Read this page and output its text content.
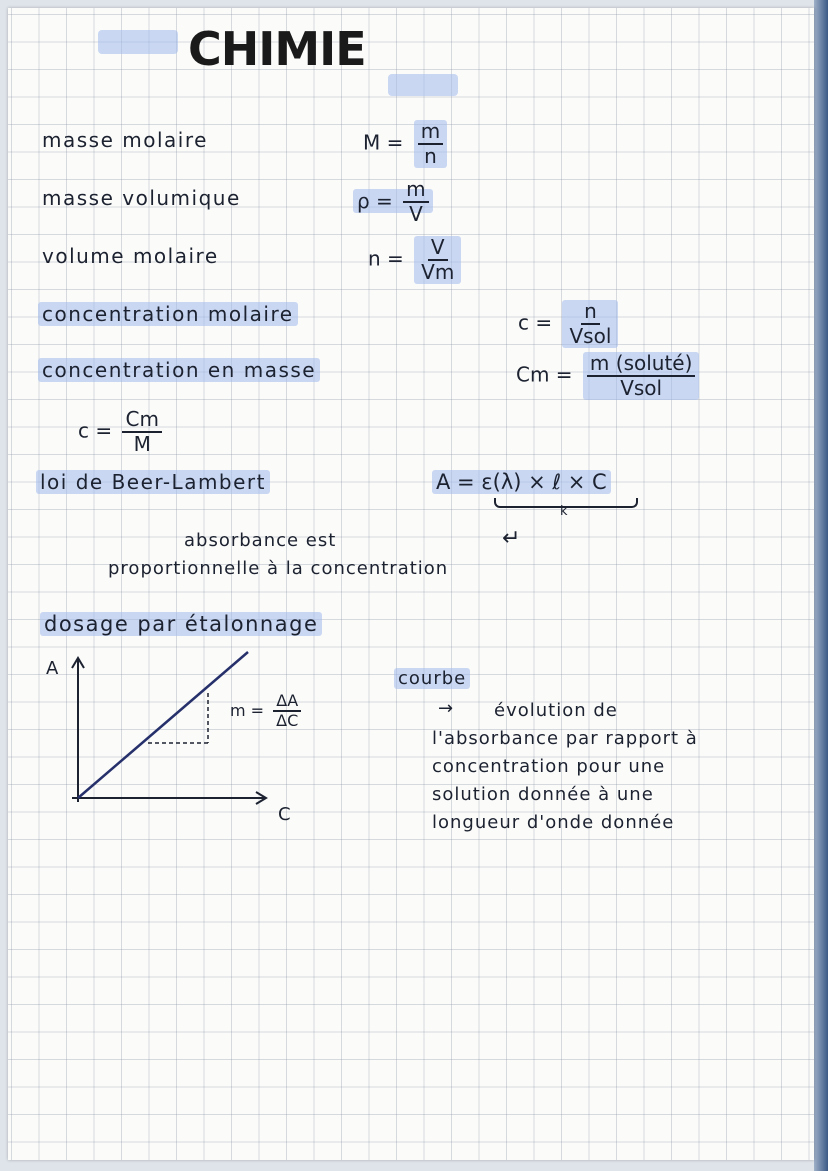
CHIMIE
masse molaire	$M = \frac{m}{n}$
masse volumique	$\rho = \frac{m}{V}$
volume molaire	$n = \frac{V}{Vm}$
concentration molaire	$c = \frac{n}{\text{Vsol}}$
concentration en masse	$Cm = \frac{\text{m (soluté)}}{\text{Vsol}}$
$c = \frac{Cm}{M}$
loi de Beer-Lambert	A = ε(λ) × ℓ × C
k
↵
absorbance est
proportionnelle à la concentration
dosage par étalonnage
A
C
$m = \frac{\Delta A}{\Delta C}$
courbe
→ évolution de
l'absorbance par rapport à
concentration pour une
solution donnée à une
longueur d'onde donnée
